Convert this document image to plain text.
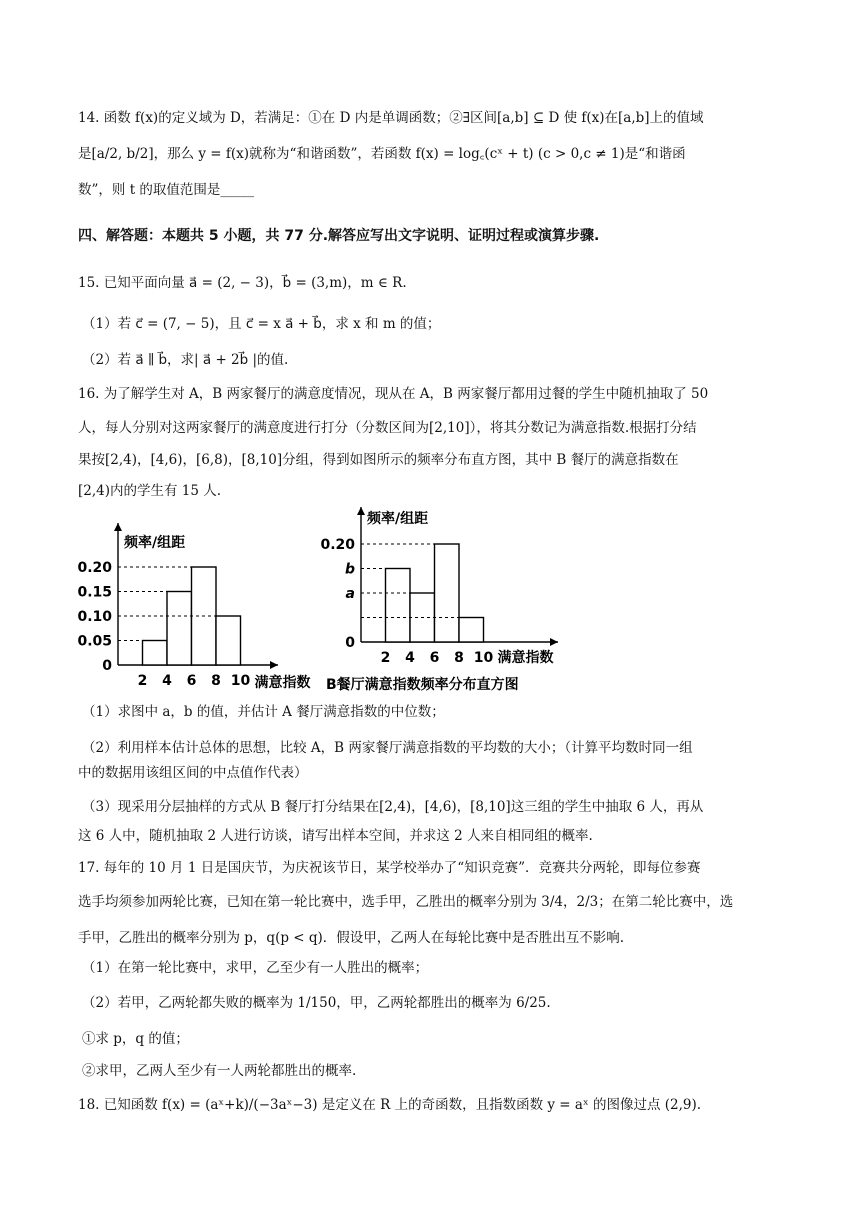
14. 函数 f(x)的定义域为 D，若满足：①在 D 内是单调函数；②∃区间[a,b] ⊆ D 使 f(x)在[a,b]上的值域
是[a/2, b/2]，那么 y = f(x)就称为“和谐函数”，若函数 f(x) = log꜀(cˣ + t) (c > 0,c ≠ 1)是“和谐函
数”，则 t 的取值范围是_____
四、解答题：本题共 5 小题，共 77 分.解答应写出文字说明、证明过程或演算步骤.
15. 已知平面向量 a⃗ = (2, − 3)，b⃗ = (3,m)，m ∈ R.
（1）若 c⃗ = (7, − 5)，且 c⃗ = x a⃗ + b⃗，求 x 和 m 的值；
（2）若 a⃗ ∥ b⃗，求| a⃗ + 2b⃗ |的值.
16. 为了解学生对 A，B 两家餐厅的满意度情况，现从在 A，B 两家餐厅都用过餐的学生中随机抽取了 50
人，每人分别对这两家餐厅的满意度进行打分（分数区间为[2,10]），将其分数记为满意指数.根据打分结
果按[2,4)，[4,6)，[6,8)，[8,10]分组，得到如图所示的频率分布直方图，其中 B 餐厅的满意指数在
[2,4)内的学生有 15 人.
0
0.05
0.10
0.15
0.20
2 4 6 8 10
频率/组距
满意指数
0
a
b
0.20
2 4 6 8 10
频率/组距
满意指数
B餐厅满意指数频率分布直方图
（1）求图中 a，b 的值，并估计 A 餐厅满意指数的中位数；
（2）利用样本估计总体的思想，比较 A，B 两家餐厅满意指数的平均数的大小；（计算平均数时同一组
中的数据用该组区间的中点值作代表）
（3）现采用分层抽样的方式从 B 餐厅打分结果在[2,4)，[4,6)，[8,10]这三组的学生中抽取 6 人，再从
这 6 人中，随机抽取 2 人进行访谈，请写出样本空间，并求这 2 人来自相同组的概率.
17. 每年的 10 月 1 日是国庆节，为庆祝该节日，某学校举办了“知识竞赛”．竞赛共分两轮，即每位参赛
选手均须参加两轮比赛，已知在第一轮比赛中，选手甲，乙胜出的概率分别为 3/4，2/3；在第二轮比赛中，选
手甲，乙胜出的概率分别为 p，q(p < q)．假设甲，乙两人在每轮比赛中是否胜出互不影响.
（1）在第一轮比赛中，求甲，乙至少有一人胜出的概率；
（2）若甲，乙两轮都失败的概率为 1/150，甲，乙两轮都胜出的概率为 6/25.
①求 p，q 的值；
②求甲，乙两人至少有一人两轮都胜出的概率.
18. 已知函数 f(x) = (aˣ+k)/(−3aˣ−3) 是定义在 R 上的奇函数，且指数函数 y = aˣ 的图像过点 (2,9).
